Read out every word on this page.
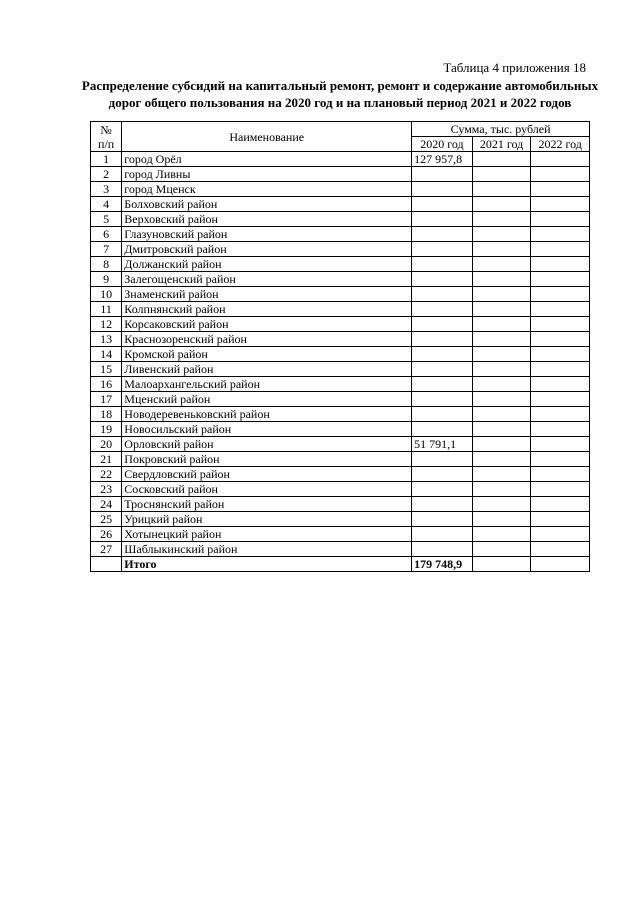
Таблица 4 приложения 18
Распределение субсидий на капитальный ремонт, ремонт и содержание автомобильных
дорог общего пользования на 2020 год и на плановый период 2021 и 2022 годов
№
п/п	Наименование	Сумма, тыс. рублей		
		2020 год	2021 год	2022 год
1	город Орёл	127 957,8		
2	город Ливны			
3	город Мценск			
4	Болховский район			
5	Верховский район			
6	Глазуновский район			
7	Дмитровский район			
8	Должанский район			
9	Залегощенский район			
10	Знаменский район			
11	Колпнянский район			
12	Корсаковский район			
13	Краснозоренский район			
14	Кромской район			
15	Ливенский район			
16	Малоархангельский район			
17	Мценский район			
18	Новодеревеньковский район			
19	Новосильский район			
20	Орловский район	51 791,1		
21	Покровский район			
22	Свердловский район			
23	Сосковский район			
24	Троснянский район			
25	Урицкий район			
26	Хотынецкий район			
27	Шаблыкинский район			
	Итого	179 748,9		
